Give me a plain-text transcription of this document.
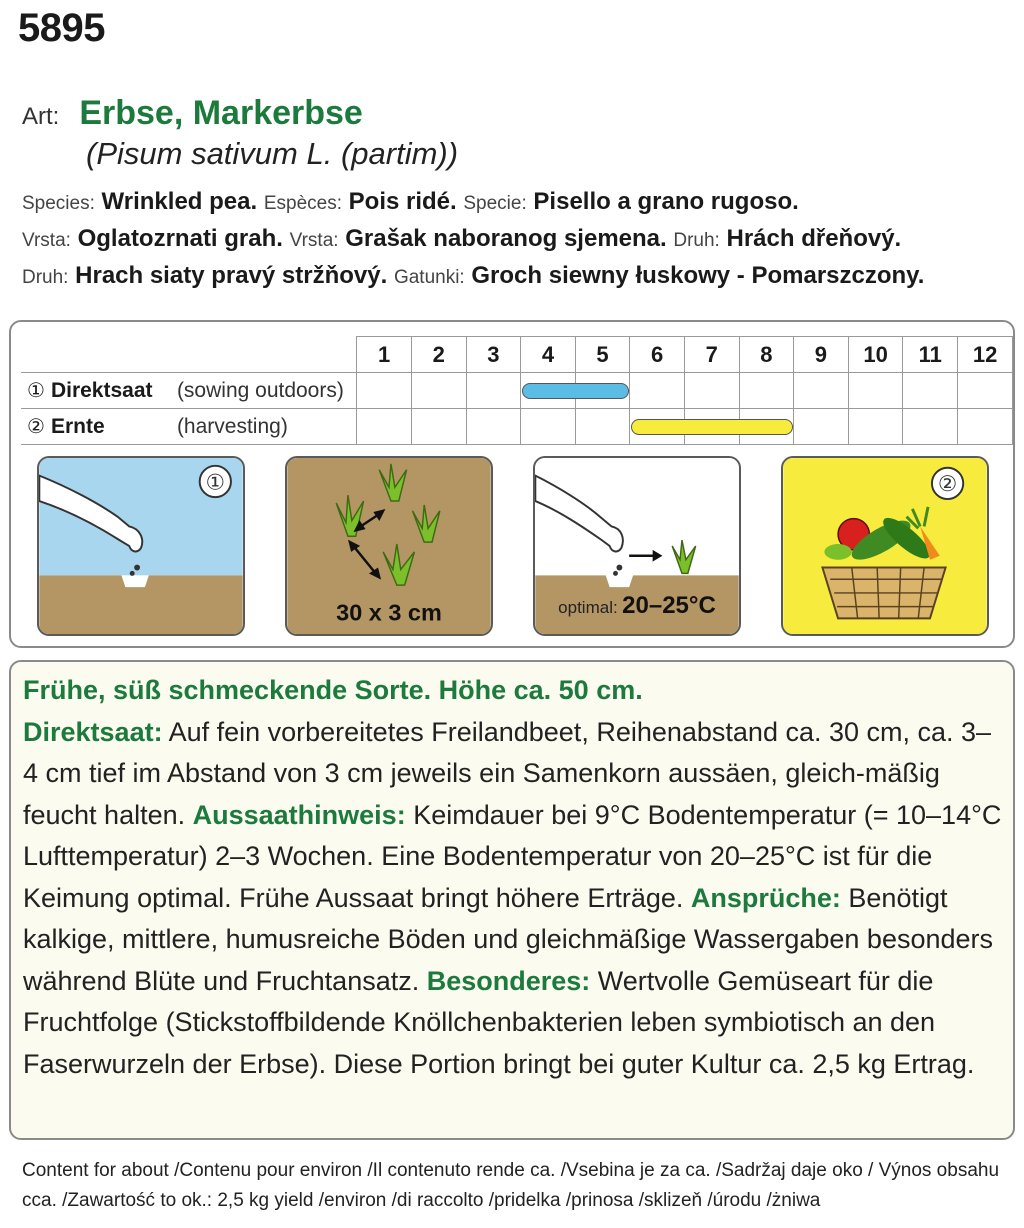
5895
Art: Erbse, Markerbse
(Pisum sativum L. (partim))
Species: Wrinkled pea. Espèces: Pois ridé. Specie: Pisello a grano rugoso.
Vrsta: Oglatozrnati grah. Vrsta: Grašak naboranog sjemena. Druh: Hrách dřeňový.
Druh: Hrach siaty pravý stržňový. Gatunki: Groch siewny łuskowy - Pomarszczony.
	1	2	3	4	5	6	7	8	9	10	11	12
① Direktsaat (sowing outdoors)				

② Ernte (harvesting)						

①
30 x 3 cm	optimal: 20–25°C
②
Frühe, süß schmeckende Sorte. Höhe ca. 50 cm.
Direktsaat: Auf fein vorbereitetes Freilandbeet, Reihenabstand ca. 30 cm, ca. 3–4 cm tief im Abstand von 3 cm jeweils ein Samenkorn aussäen, gleich-mäßig feucht halten. Aussaathinweis: Keimdauer bei 9°C Bodentemperatur (= 10–14°C Lufttemperatur) 2–3 Wochen. Eine Bodentemperatur von 20–25°C ist für die Keimung optimal. Frühe Aussaat bringt höhere Erträge. Ansprüche: Benötigt kalkige, mittlere, humusreiche Böden und gleichmäßige Wassergaben besonders während Blüte und Fruchtansatz. Besonderes: Wertvolle Gemüseart für die Fruchtfolge (Stickstoffbildende Knöllchenbakterien leben symbiotisch an den Faserwurzeln der Erbse). Diese Portion bringt bei guter Kultur ca. 2,5 kg Ertrag.
Content for about /Contenu pour environ /Il contenuto rende ca. /Vsebina je za ca. /Sadržaj daje oko / Výnos obsahu cca. /Zawartość to ok.: 2,5 kg yield /environ /di raccolto /pridelka /prinosa /sklizeň /úrodu /żniwa
